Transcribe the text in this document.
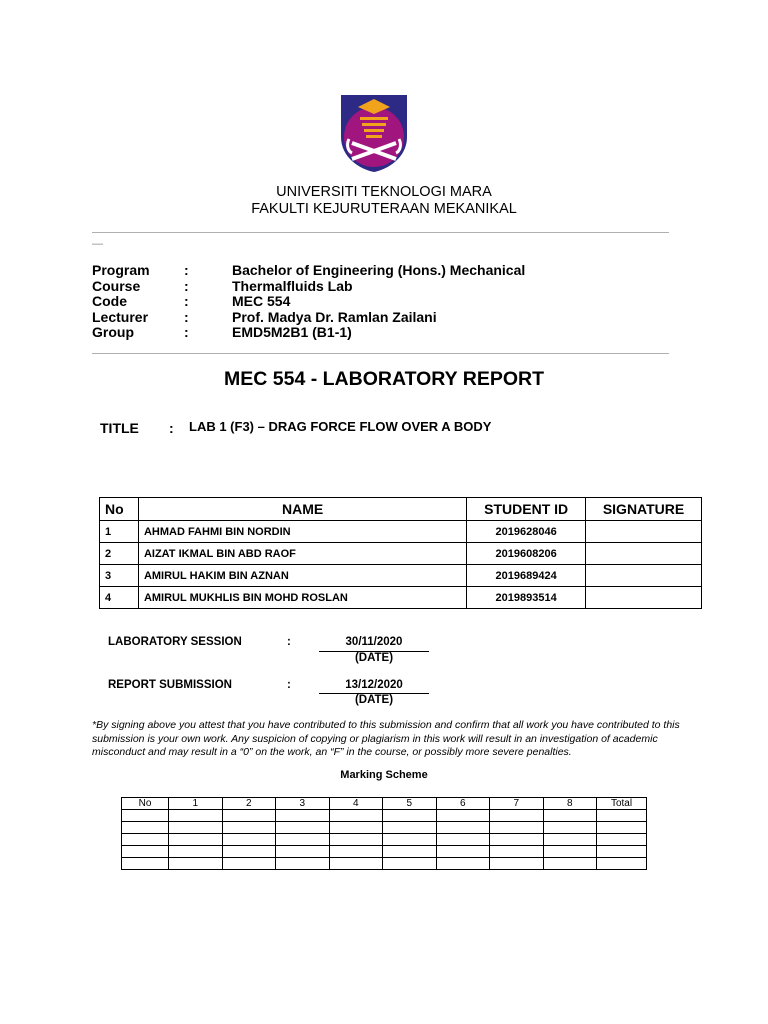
UNIVERSITI TEKNOLOGI MARA
FAKULTI KEJURUTERAAN MEKANIKAL
—
Program :	Bachelor of Engineering (Hons.) Mechanical
Course	:	Thermalfluids Lab
Code	:	MEC 554
Lecturer	:	Prof. Madya Dr. Ramlan Zailani
Group	:	EMD5M2B1 (B1-1)
MEC 554 - LABORATORY REPORT
TITLE : LAB 1 (F3) – DRAG FORCE FLOW OVER A BODY
No	NAME	STUDENT ID	SIGNATURE
1	AHMAD FAHMI BIN NORDIN	2019628046	
2	AIZAT IKMAL BIN ABD RAOF	2019608206	
3	AMIRUL HAKIM BIN AZNAN	2019689424	
4	AMIRUL MUKHLIS BIN MOHD ROSLAN	2019893514	
LABORATORY SESSION	:	30/11/2020
(DATE)
REPORT SUBMISSION	:	13/12/2020
(DATE)
*By signing above you attest that you have contributed to this submission and confirm that all work you have contributed to this submission is your own work. Any suspicion of copying or plagiarism in this work will result in an investigation of academic misconduct and may result in a “0” on the work, an “F” in the course, or possibly more severe penalties.
Marking Scheme
No	1	2	3	4	5	6	7	8	Total
